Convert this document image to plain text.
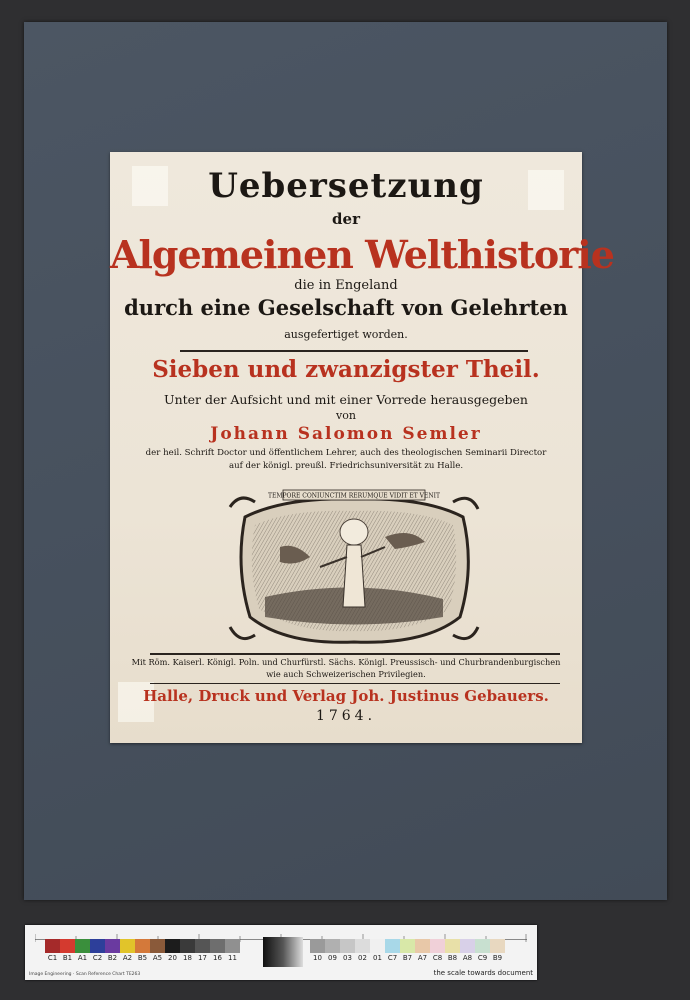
Uebersetzung
der
Algemeinen Welthistorie
die in Engeland
durch eine Geselschaft von Gelehrten
ausgefertiget worden.
Sieben und zwanzigster Theil.
Unter der Aufsicht und mit einer Vorrede herausgegeben
von
Johann Salomon Semler
der heil. Schrift Doctor und öffentlichem Lehrer, auch des theologischen Seminarii Director
auf der königl. preußl. Friedrichsuniversität zu Halle.
TEMPORE CONIUNCTIM RERUMQUE VIDIT ET VENIT
Mit Röm. Kaiserl. Königl. Poln. und Churfürstl. Sächs. Königl. Preussisch- und Churbrandenburgischen
wie auch Schweizerischen Privilegien.
Halle, Druck und Verlag Joh. Justinus Gebauers.
1764.
C1 B1 A1 C2 B2 A2 B5 A5 20 18 17 16 11	10 09 03 02 01 C7 B7 A7 C8 B8 A8 C9 B9
Image Engineering · Scan Reference Chart TE263	the scale towards document
